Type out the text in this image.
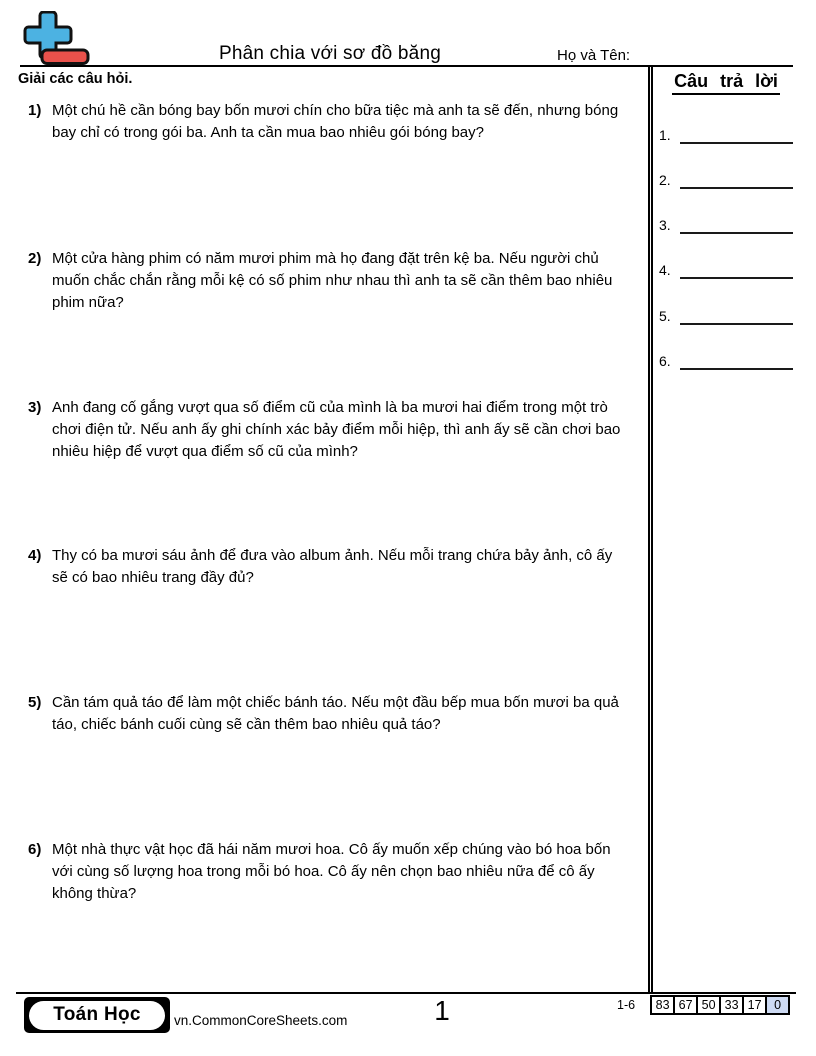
Phân chia với sơ đồ băng	Họ và Tên:
Giải các câu hỏi.
1) Một chú hề cần bóng bay bốn mươi chín cho bữa tiệc mà anh ta sẽ đến, nhưng bóng bay chỉ có trong gói ba. Anh ta cần mua bao nhiêu gói bóng bay?
2) Một cửa hàng phim có năm mươi phim mà họ đang đặt trên kệ ba. Nếu người chủ muốn chắc chắn rằng mỗi kệ có số phim như nhau thì anh ta sẽ cần thêm bao nhiêu phim nữa?
3) Anh đang cố gắng vượt qua số điểm cũ của mình là ba mươi hai điểm trong một trò chơi điện tử. Nếu anh ấy ghi chính xác bảy điểm mỗi hiệp, thì anh ấy sẽ cần chơi bao nhiêu hiệp để vượt qua điểm số cũ của mình?
4) Thy có ba mươi sáu ảnh để đưa vào album ảnh. Nếu mỗi trang chứa bảy ảnh, cô ấy sẽ có bao nhiêu trang đầy đủ?
5) Cần tám quả táo để làm một chiếc bánh táo. Nếu một đầu bếp mua bốn mươi ba quả táo, chiếc bánh cuối cùng sẽ cần thêm bao nhiêu quả táo?
6) Một nhà thực vật học đã hái năm mươi hoa. Cô ấy muốn xếp chúng vào bó hoa bốn với cùng số lượng hoa trong mỗi bó hoa. Cô ấy nên chọn bao nhiêu nữa để cô ấy không thừa?
Câu trả lời
1.
2.
3.
4.
5.
6.
Toán Học	vn.CommonCoreSheets.com	1	1-6 83 67 50 33 17	0
